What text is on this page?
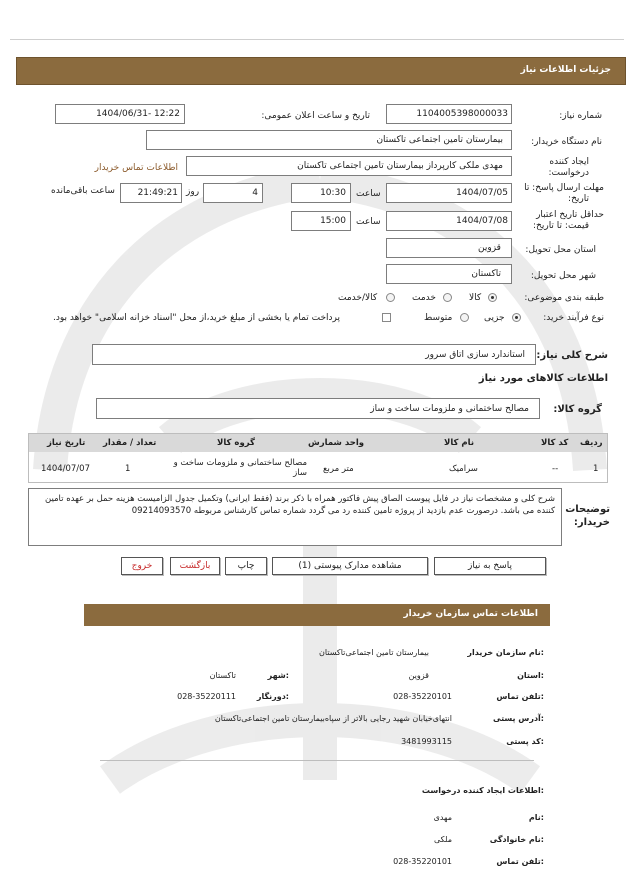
جزئیات اطلاعات نیاز
شماره نیاز:
1104005398000033
تاریخ و ساعت اعلان عمومی:
1404/06/31- 12:22
نام دستگاه خریدار:
بیمارستان تامین اجتماعی تاکستان
ایجاد کننده
درخواست:
مهدی ملکی کارپرداز بیمارستان تامین اجتماعی تاکستان
اطلاعات تماس خریدار
مهلت ارسال پاسخ: تا
تاریخ:
1404/07/05
ساعت
10:30
4
روز
21:49:21
ساعت باقی‌مانده
حداقل تاریخ اعتبار
قیمت: تا تاریخ:
1404/07/08
ساعت
15:00
استان محل تحویل:
قزوین
شهر محل تحویل:
تاکستان
طبقه بندی موضوعی:
کالا
خدمت
کالا/خدمت
نوع فرآیند خرید:
جزیی
متوسط
پرداخت تمام یا بخشی از مبلغ خرید،از محل "اسناد خزانه اسلامی" خواهد بود.
شرح کلی نیاز:
استاندارد سازی اتاق سرور
اطلاعات کالاهای مورد نیاز
گروه کالا:
مصالح ساختمانی و ملزومات ساخت و ساز
ردیف
کد کالا
نام کالا
واحد شمارش
گروه کالا
تعداد / مقدار
تاریخ نیاز
1
--
سرامیک
متر مربع
مصالح ساختمانی و ملزومات ساخت و ساز
1
1404/07/07
توضیحات
خریدار:
شرح کلی و مشخصات نیاز در فایل پیوست الصاق پیش فاکتور همراه با ذکر برند (فقط ایرانی) وتکمیل جدول الزامیست هزینه حمل بر عهده تامین کننده می باشد. درصورت عدم بازدید از پروژه تامین کننده رد می گردد شماره تماس کارشناس مربوطه 09214093570
پاسخ به نیاز
مشاهده مدارک پیوستی (1)
چاپ
بازگشت
خروج
اطلاعات تماس سازمان خریدار
نام سازمان خریدار:
بیمارستان تامین اجتماعی‌تاکستان
استان:
قزوین
شهر:
تاکستان
تلفن تماس:
028-35220101
دورنگار:
028-35220111
آدرس پستی:
انتهای‌خیابان شهید رجایی بالاتر از سپاه‌بیمارستان تامین اجتماعی‌تاکستان
کد پستی:
3481993115
اطلاعات ایجاد کننده درخواست:
نام:
مهدی
نام خانوادگی:
ملکی
تلفن تماس:
028-35220101
